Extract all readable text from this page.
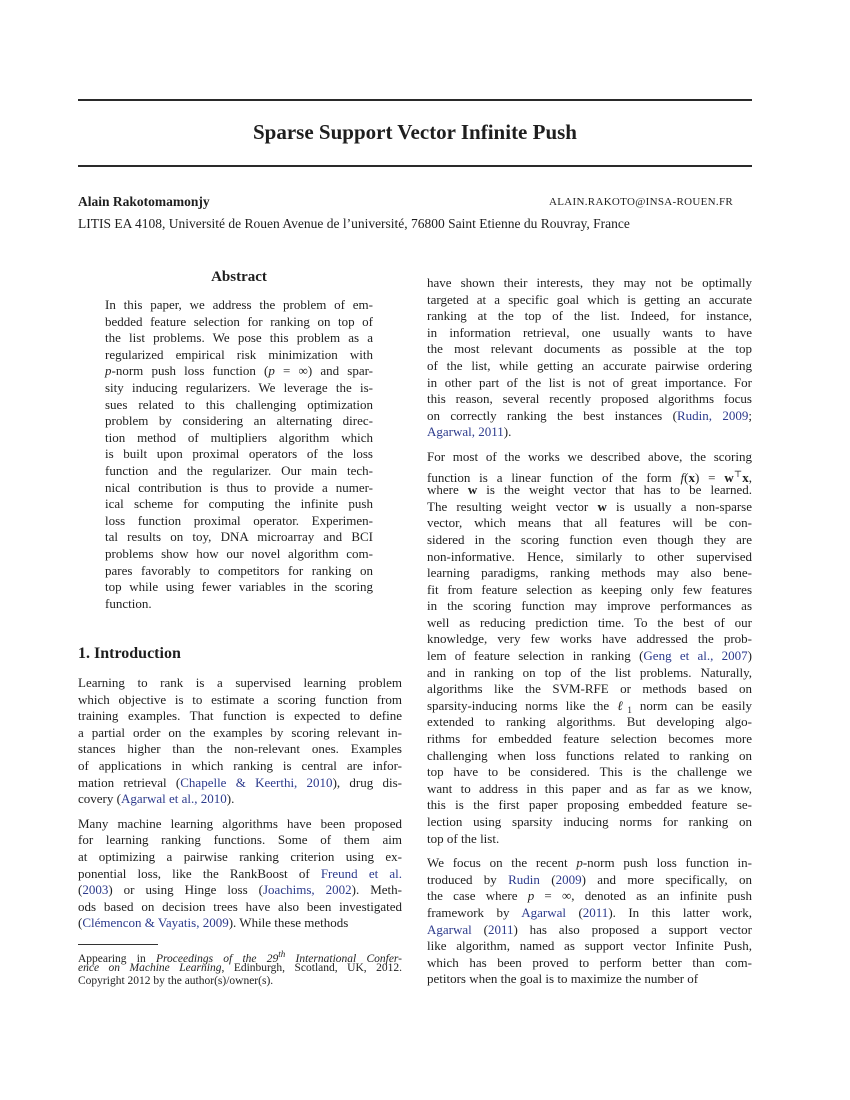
Sparse Support Vector Infinite Push
Alain Rakotomamonjy	ALAIN.RAKOTO@INSA-ROUEN.FR
LITIS EA 4108, Université de Rouen Avenue de l’université, 76800 Saint Etienne du Rouvray, France
Abstract
In this paper, we address the problem of em-
bedded feature selection for ranking on top of
the list problems. We pose this problem as a
regularized empirical risk minimization with
p-norm push loss function (p = ∞) and spar-
sity inducing regularizers. We leverage the is-
sues related to this challenging optimization
problem by considering an alternating direc-
tion method of multipliers algorithm which
is built upon proximal operators of the loss
function and the regularizer. Our main tech-
nical contribution is thus to provide a numer-
ical scheme for computing the infinite push
loss function proximal operator. Experimen-
tal results on toy, DNA microarray and BCI
problems show how our novel algorithm com-
pares favorably to competitors for ranking on
top while using fewer variables in the scoring
function.
1. Introduction
Learning to rank is a supervised learning problem
which objective is to estimate a scoring function from
training examples. That function is expected to define
a partial order on the examples by scoring relevant in-
stances higher than the non-relevant ones. Examples
of applications in which ranking is central are infor-
mation retrieval (Chapelle & Keerthi, 2010), drug dis-
covery (Agarwal et al., 2010).
Many machine learning algorithms have been proposed
for learning ranking functions. Some of them aim
at optimizing a pairwise ranking criterion using ex-
ponential loss, like the RankBoost of Freund et al.
(2003) or using Hinge loss (Joachims, 2002). Meth-
ods based on decision trees have also been investigated
(Clémencon & Vayatis, 2009). While these methods
Appearing in Proceedings of the 29th International Confer-
ence on Machine Learning, Edinburgh, Scotland, UK, 2012.
Copyright 2012 by the author(s)/owner(s).
have shown their interests, they may not be optimally
targeted at a specific goal which is getting an accurate
ranking at the top of the list. Indeed, for instance,
in information retrieval, one usually wants to have
the most relevant documents as possible at the top
of the list, while getting an accurate pairwise ordering
in other part of the list is not of great importance. For
this reason, several recently proposed algorithms focus
on correctly ranking the best instances (Rudin, 2009;
Agarwal, 2011).
For most of the works we described above, the scoring
function is a linear function of the form f(x) = w⊤x,
where w is the weight vector that has to be learned.
The resulting weight vector w is usually a non-sparse
vector, which means that all features will be con-
sidered in the scoring function even though they are
non-informative. Hence, similarly to other supervised
learning paradigms, ranking methods may also bene-
fit from feature selection as keeping only few features
in the scoring function may improve performances as
well as reducing prediction time. To the best of our
knowledge, very few works have addressed the prob-
lem of feature selection in ranking (Geng et al., 2007)
and in ranking on top of the list problems. Naturally,
algorithms like the SVM-RFE or methods based on
sparsity-inducing norms like the ℓ$_1$ norm can be easily
extended to ranking algorithms. But developing algo-
rithms for embedded feature selection becomes more
challenging when loss functions related to ranking on
top have to be considered. This is the challenge we
want to address in this paper and as far as we know,
this is the first paper proposing embedded feature se-
lection using sparsity inducing norms for ranking on
top of the list.
We focus on the recent p-norm push loss function in-
troduced by Rudin (2009) and more specifically, on
the case where p = ∞, denoted as an infinite push
framework by Agarwal (2011). In this latter work,
Agarwal (2011) has also proposed a support vector
like algorithm, named as support vector Infinite Push,
which has been proved to perform better than com-
petitors when the goal is to maximize the number of
